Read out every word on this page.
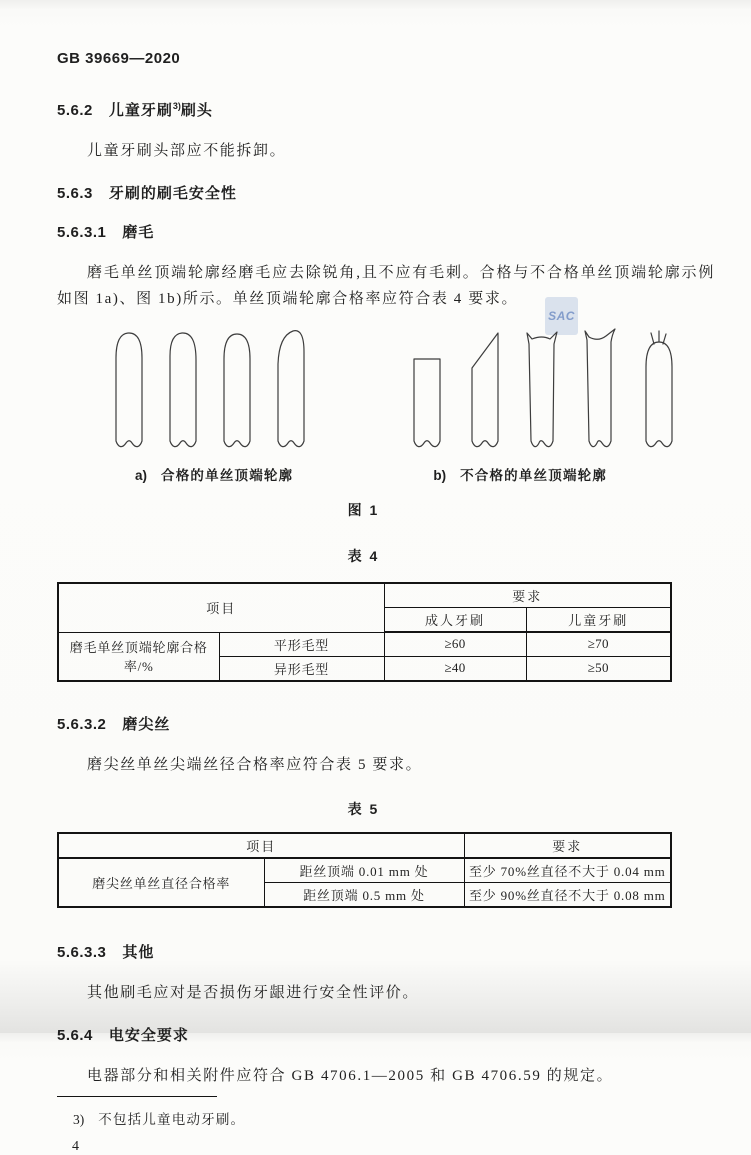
GB 39669—2020
5.6.2 儿童牙刷$^{3)}$刷头

儿童牙刷头部应不能拆卸。

5.6.3 牙刷的刷毛安全性
5.6.3.1 磨毛

磨毛单丝顶端轮廓经磨毛应去除锐角,且不应有毛刺。合格与不合格单丝顶端轮廓示例如图 1a)、图 1b)所示。单丝顶端轮廓合格率应符合表 4 要求。

SAC
a) 合格的单丝顶端轮廓	b) 不合格的单丝顶端轮廓
图 1
表 4
项目		要求	
		成人牙刷	儿童牙刷
磨毛单丝顶端轮廓合格率/%	平形毛型	≥60	≥70
	异形毛型	≥40	≥50
5.6.3.2 磨尖丝

磨尖丝单丝尖端丝径合格率应符合表 5 要求。

表 5
项目		要求
磨尖丝单丝直径合格率	距丝顶端 0.01 mm 处	至少 70%丝直径不大于 0.04 mm
	距丝顶端 0.5 mm 处	至少 90%丝直径不大于 0.08 mm
5.6.3.3 其他

其他刷毛应对是否损伤牙龈进行安全性评价。

5.6.4 电安全要求

电器部分和相关附件应符合 GB 4706.1—2005 和 GB 4706.59 的规定。

3) 不包括儿童电动牙刷。
4
